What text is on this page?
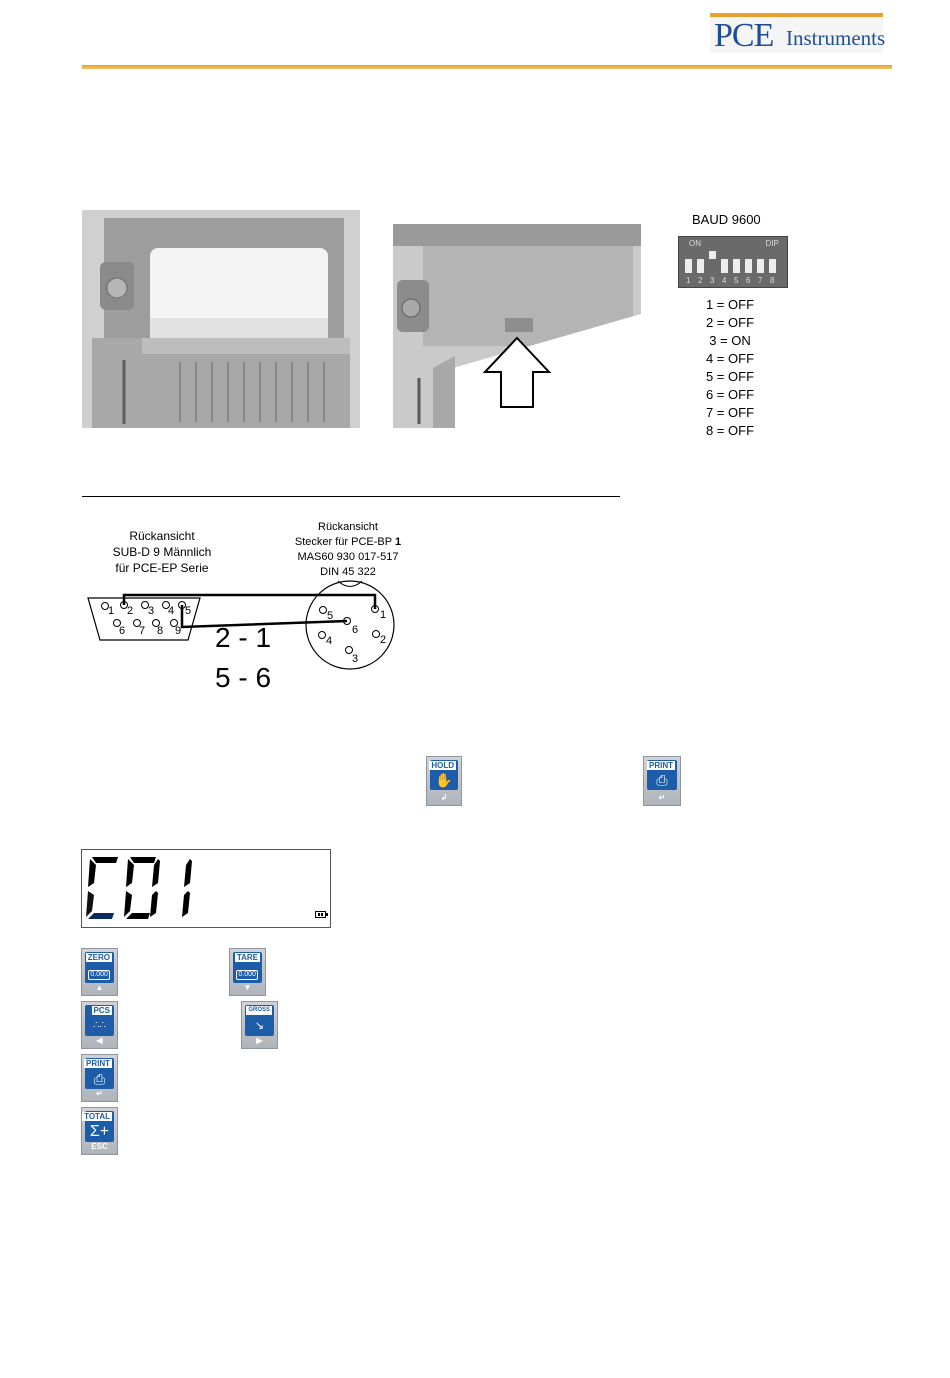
PCE Instruments
BAUD 9600
ON	DIP
1 2 3 4 5 6 7 8
1 = OFF
2 = OFF
3 = ON
4 = OFF
5 = OFF
6 = OFF
7 = OFF
8 = OFF
Rückansicht
SUB-D 9 Männlich
für PCE-EP Serie
Rückansicht
Stecker für PCE-BP 1
MAS60 930 017-517
DIN 45 322
1 2 3 4 5
6 7 8 9
1
2
3
4
5
6
2 - 1
5 - 6
HOLD
✋
↲
PRINT
⎙
↵
ZERO
0.000
▲
TARE
0.000
▼
PCS
∴∴
◀
GROSS
↘
▶
PRINT
⎙
↵
TOTAL
Σ+
ESC
